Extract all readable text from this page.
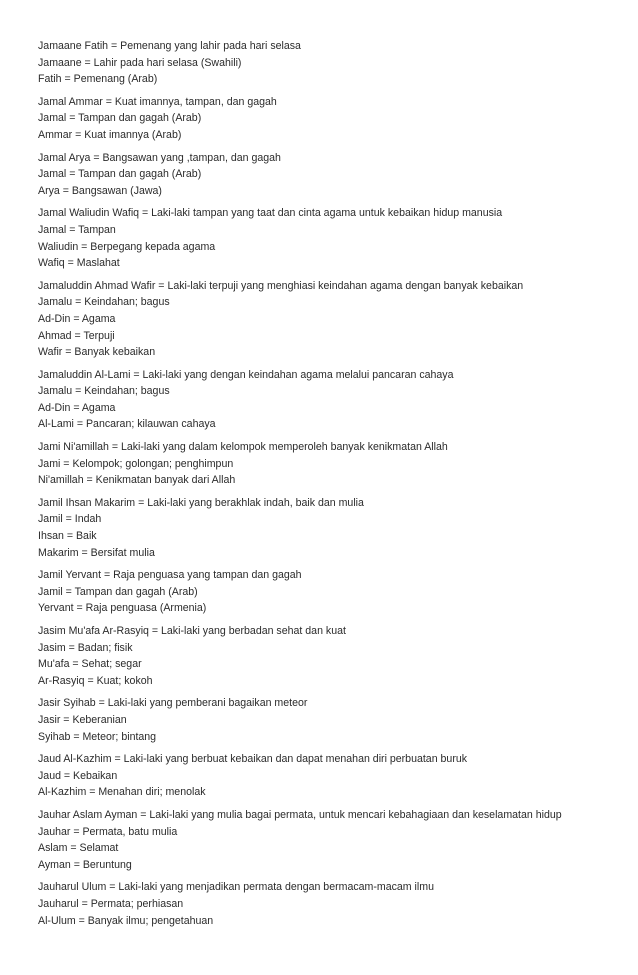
Jamaane Fatih = Pemenang yang lahir pada hari selasa
Jamaane = Lahir pada hari selasa (Swahili)
Fatih = Pemenang (Arab)
Jamal Ammar = Kuat imannya, tampan, dan gagah
Jamal = Tampan dan gagah (Arab)
Ammar = Kuat imannya (Arab)
Jamal Arya = Bangsawan yang ,tampan, dan gagah
Jamal = Tampan dan gagah (Arab)
Arya = Bangsawan (Jawa)
Jamal Waliudin Wafiq = Laki-laki tampan yang taat dan cinta agama untuk kebaikan hidup manusia
Jamal = Tampan
Waliudin = Berpegang kepada agama
Wafiq = Maslahat
Jamaluddin Ahmad Wafir = Laki-laki terpuji yang menghiasi keindahan agama dengan banyak kebaikan
Jamalu = Keindahan; bagus
Ad-Din = Agama
Ahmad = Terpuji
Wafir = Banyak kebaikan
Jamaluddin Al-Lami = Laki-laki yang dengan keindahan agama melalui pancaran cahaya
Jamalu = Keindahan; bagus
Ad-Din = Agama
Al-Lami = Pancaran; kilauwan cahaya
Jami Ni'amillah = Laki-laki yang dalam kelompok memperoleh banyak kenikmatan Allah
Jami = Kelompok; golongan; penghimpun
Ni'amillah = Kenikmatan banyak dari Allah
Jamil Ihsan Makarim = Laki-laki yang berakhlak indah, baik dan mulia
Jamil = Indah
Ihsan = Baik
Makarim = Bersifat mulia
Jamil Yervant = Raja penguasa yang tampan dan gagah
Jamil = Tampan dan gagah (Arab)
Yervant = Raja penguasa (Armenia)
Jasim Mu'afa Ar-Rasyiq = Laki-laki yang berbadan sehat dan kuat
Jasim = Badan; fisik
Mu'afa = Sehat; segar
Ar-Rasyiq = Kuat; kokoh
Jasir Syihab = Laki-laki yang pemberani bagaikan meteor
Jasir = Keberanian
Syihab = Meteor; bintang
Jaud Al-Kazhim = Laki-laki yang berbuat kebaikan dan dapat menahan diri perbuatan buruk
Jaud = Kebaikan
Al-Kazhim = Menahan diri; menolak
Jauhar Aslam Ayman = Laki-laki yang mulia bagai permata, untuk mencari kebahagiaan dan keselamatan hidup
Jauhar = Permata, batu mulia
Aslam = Selamat
Ayman = Beruntung
Jauharul Ulum = Laki-laki yang menjadikan permata dengan bermacam-macam ilmu
Jauharul = Permata; perhiasan
Al-Ulum = Banyak ilmu; pengetahuan
